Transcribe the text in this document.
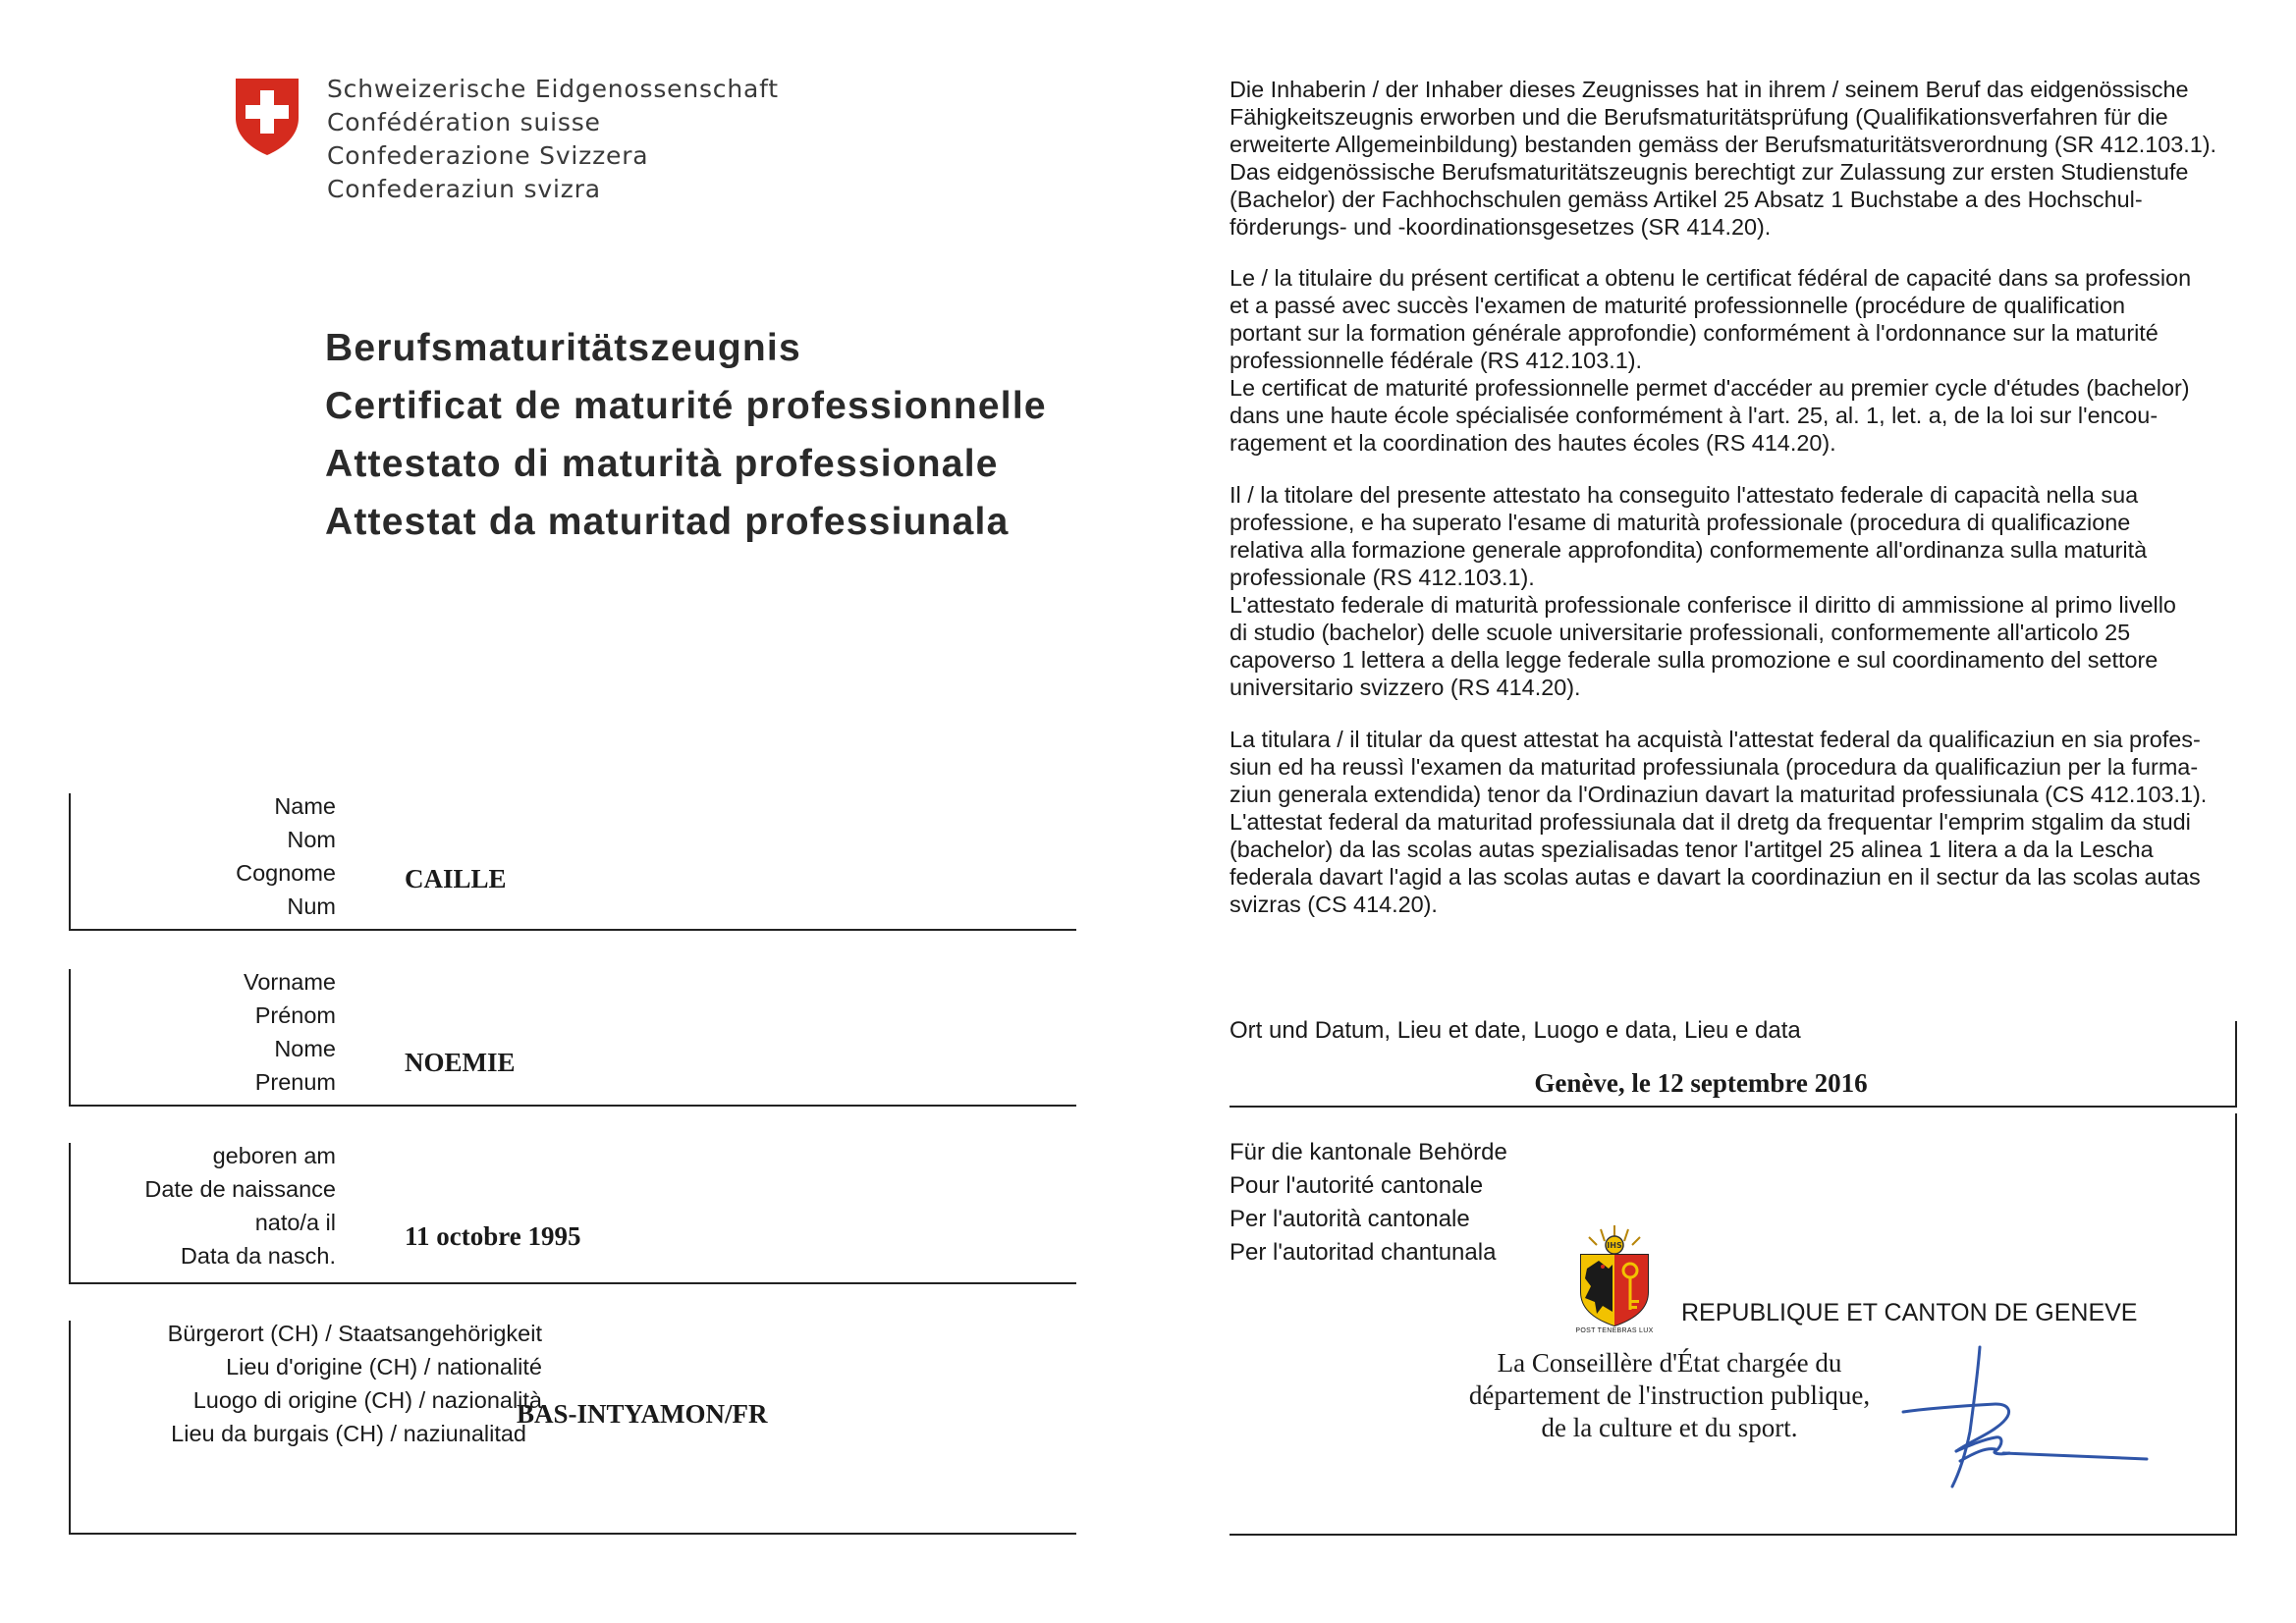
Schweizerische Eidgenossenschaft
Confédération suisse
Confederazione Svizzera
Confederaziun svizra
Berufsmaturitätszeugnis
Certificat de maturité professionnelle
Attestato di maturità professionale
Attestat da maturitad professiunala
Name
Nom
Cognome
Num
CAILLE
Vorname
Prénom
Nome
Prenum
NOEMIE
geboren am
Date de naissance
nato/a il
Data da nasch.
11 octobre 1995
Bürgerort (CH) / Staatsangehörigkeit
Lieu d'origine (CH) / nationalité
Luogo di origine (CH) / nazionalità
Lieu da burgais (CH) / naziunalitad
BAS-INTYAMON/FR
Die Inhaberin / der Inhaber dieses Zeugnisses hat in ihrem / seinem Beruf das eidgenössische
Fähigkeitszeugnis erworben und die Berufsmaturitätsprüfung (Qualifikationsverfahren für die
erweiterte Allgemeinbildung) bestanden gemäss der Berufsmaturitätsverordnung (SR 412.103.1).
Das eidgenössische Berufsmaturitätszeugnis berechtigt zur Zulassung zur ersten Studienstufe
(Bachelor) der Fachhochschulen gemäss Artikel 25 Absatz 1 Buchstabe a des Hochschul-
förderungs- und -koordinationsgesetzes (SR 414.20).
Le / la titulaire du présent certificat a obtenu le certificat fédéral de capacité dans sa profession
et a passé avec succès l'examen de maturité professionnelle (procédure de qualification
portant sur la formation générale approfondie) conformément à l'ordonnance sur la maturité
professionnelle fédérale (RS 412.103.1).
Le certificat de maturité professionnelle permet d'accéder au premier cycle d'études (bachelor)
dans une haute école spécialisée conformément à l'art. 25, al. 1, let. a, de la loi sur l'encou-
ragement et la coordination des hautes écoles (RS 414.20).
Il / la titolare del presente attestato ha conseguito l'attestato federale di capacità nella sua
professione, e ha superato l'esame di maturità professionale (procedura di qualificazione
relativa alla formazione generale approfondita) conformemente all'ordinanza sulla maturità
professionale (RS 412.103.1).
L'attestato federale di maturità professionale conferisce il diritto di ammissione al primo livello
di studio (bachelor) delle scuole universitarie professionali, conformemente all'articolo 25
capoverso 1 lettera a della legge federale sulla promozione e sul coordinamento del settore
universitario svizzero (RS 414.20).
La titulara / il titular da quest attestat ha acquistà l'attestat federal da qualificaziun en sia profes-
siun ed ha reussì l'examen da maturitad professiunala (procedura da qualificaziun per la furma-
ziun generala extendida) tenor da l'Ordinaziun davart la maturitad professiunala (CS 412.103.1).
L'attestat federal da maturitad professiunala dat il dretg da frequentar l'emprim stgalim da studi
(bachelor) da las scolas autas spezialisadas tenor l'artitgel 25 alinea 1 litera a da la Lescha
federala davart l'agid a las scolas autas e davart la coordinaziun en il sectur da las scolas autas
svizras (CS 414.20).
Ort und Datum, Lieu et date, Luogo e data, Lieu e data
Genève, le 12 septembre 2016
Für die kantonale Behörde
Pour l'autorité cantonale
Per l'autorità cantonale
Per l'autoritad chantunala	IHS
POST TENEBRAS LUX
REPUBLIQUE ET CANTON DE GENEVE
La Conseillère d'État chargée du
département de l'instruction publique,
de la culture et du sport.
